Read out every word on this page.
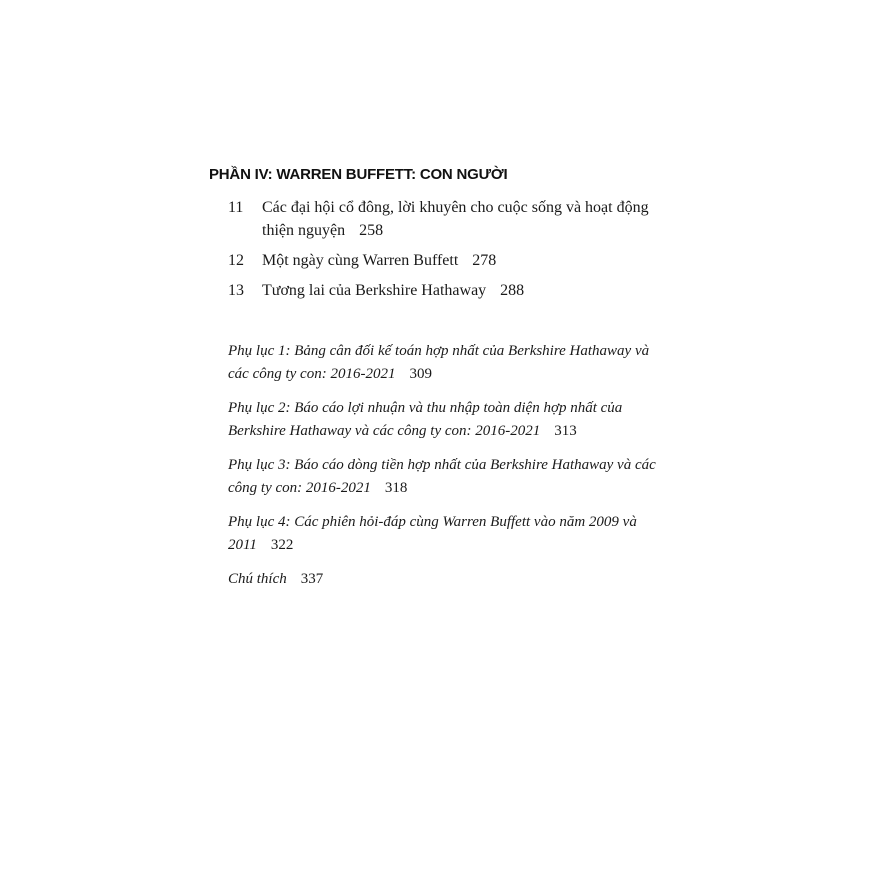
PHẦN IV: WARREN BUFFETT: CON NGƯỜI
11	Các đại hội cổ đông, lời khuyên cho cuộc sống và hoạt động thiện nguyện 258
12	Một ngày cùng Warren Buffett 278
13	Tương lai của Berkshire Hathaway 288
Phụ lục 1: Bảng cân đối kế toán hợp nhất của Berkshire Hathaway và các công ty con: 2016-2021 309
Phụ lục 2: Báo cáo lợi nhuận và thu nhập toàn diện hợp nhất của Berkshire Hathaway và các công ty con: 2016-2021 313
Phụ lục 3: Báo cáo dòng tiền hợp nhất của Berkshire Hathaway và các công ty con: 2016-2021 318
Phụ lục 4: Các phiên hỏi-đáp cùng Warren Buffett vào năm 2009 và 2011 322
Chú thích 337
